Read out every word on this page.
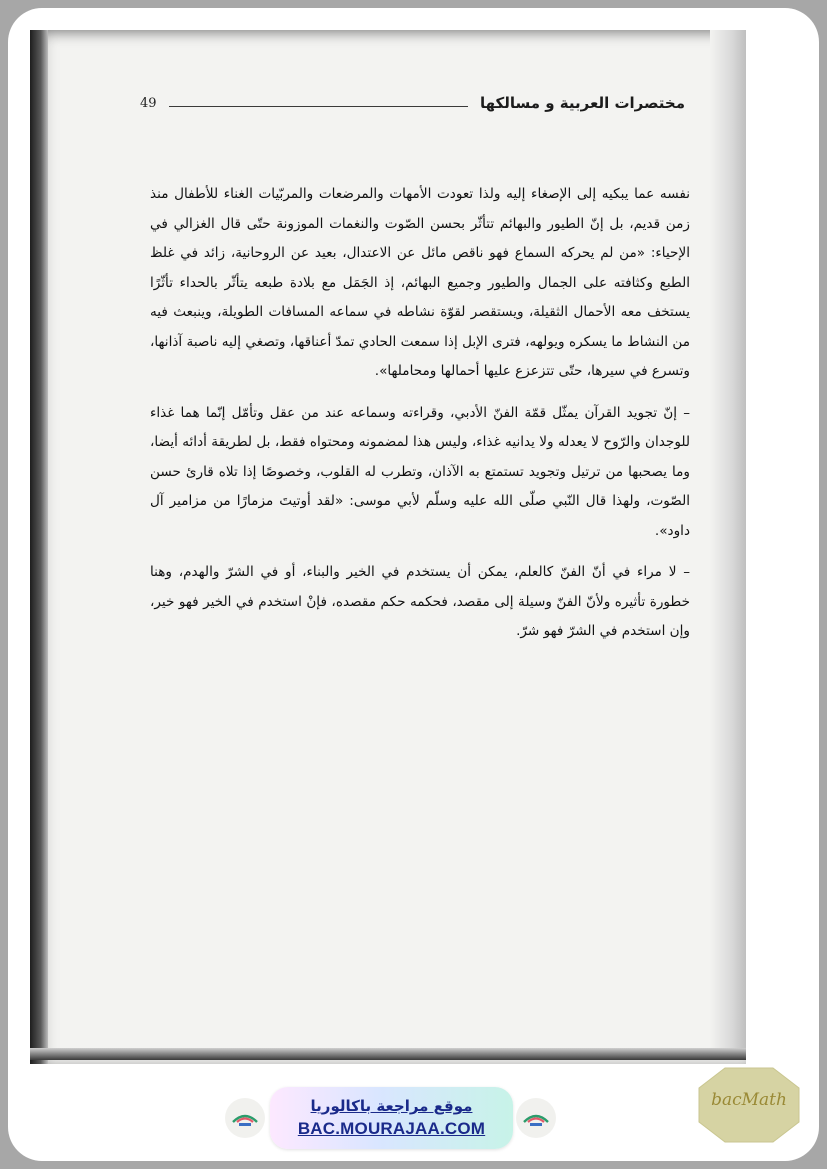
مختصرات العربية و مسالكها
49

نفسه عما يبكيه إلى الإصغاء إليه ولذا تعودت الأمهات والمرضعات والمربّيات الغناء للأطفال منذ زمن قديم، بل إنّ الطيور والبهائم تتأثّر بحسن الصّوت والنغمات الموزونة حتّى قال الغزالي في الإحياء: «من لم يحركه السماع فهو ناقص مائل عن الاعتدال، بعيد عن الروحانية، زائد في غلظ الطبع وكثافته على الجمال والطيور وجميع البهائم، إذ الجَمَل مع بلادة طبعه يتأثّر بالحداء تأثّرًا يستخف معه الأحمال الثقيلة، ويستقصر لقوّة نشاطه في سماعه المسافات الطويلة، وينبعث فيه من النشاط ما يسكره ويولهه، فترى الإبل إذا سمعت الحادي تمدّ أعناقها، وتصغي إليه ناصبة آذانها، وتسرع في سيرها، حتّى تتزعزع عليها أحمالها ومحاملها».

– إنّ تجويد القرآن يمثّل قمّة الفنّ الأدبي، وقراءته وسماعه عند من عقل وتأمّل إنّما هما غذاء للوجدان والرّوح لا يعدله ولا يدانيه غذاء، وليس هذا لمضمونه ومحتواه فقط، بل لطريقة أدائه أيضا، وما يصحبها من ترتيل وتجويد تستمتع به الآذان، وتطرب له القلوب، وخصوصًا إذا تلاه قارئ حسن الصّوت، ولهذا قال النّبي صلّى الله عليه وسلّم لأبي موسى: «لقد أوتيتَ مزمارًا من مزامير آل داود».

– لا مراء في أنّ الفنّ كالعلم، يمكن أن يستخدم في الخير والبناء، أو في الشرّ والهدم، وهنا خطورة تأثيره ولأنّ الفنّ وسيلة إلى مقصد، فحكمه حكم مقصده، فإنْ استخدم في الخير فهو خير، وإن استخدم في الشرّ فهو شرّ.

موقع مراجعة باكالوريا
BAC.MOURAJAA.COM
bacMath
